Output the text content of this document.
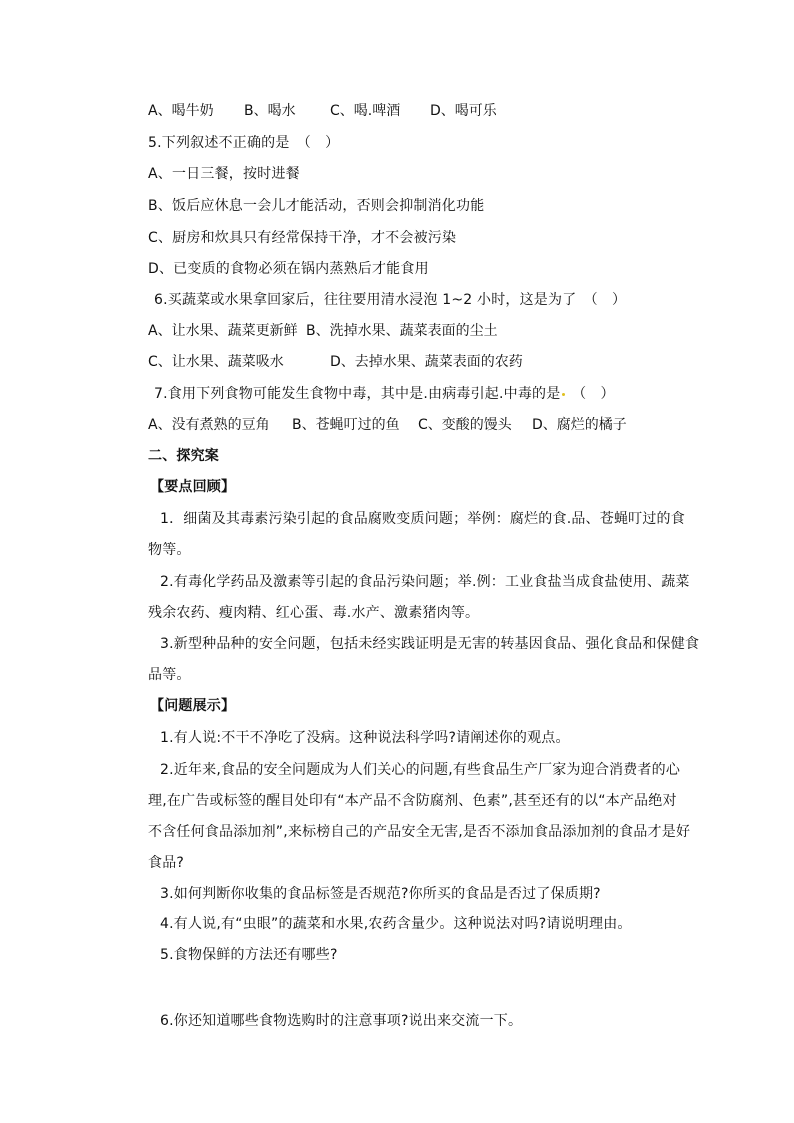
A、喝牛奶 B、喝水 C、喝.啤酒 D、喝可乐
5.下列叙述不正确的是　（　）
A、一日三餐，按时进餐
B、饭后应休息一会儿才能活动，否则会抑制消化功能
C、厨房和炊具只有经常保持干净，才不会被污染
D、已变质的食物必须在锅内蒸熟后才能食用
6.买蔬菜或水果拿回家后，往往要用清水浸泡 1~2 小时，这是为了　（　）
A、让水果、蔬菜更新鲜 B、洗掉水果、蔬菜表面的尘土
C、让水果、蔬菜吸水	D、去掉水果、蔬菜表面的农药
7.食用下列食物可能发生食物中毒，其中是.由病毒引起.中毒的是 （　）
A、没有煮熟的豆角 B、苍蝇叮过的鱼 C、变酸的馒头 D、腐烂的橘子
二、探究案
【要点回顾】
1．细菌及其毒素污染引起的食品腐败变质问题；举例：腐烂的食.品、苍蝇叮过的食
物等。
2.有毒化学药品及激素等引起的食品污染问题；举.例：工业食盐当成食盐使用、蔬菜
残余农药、瘦肉精、红心蛋、毒.水产、激素猪肉等。
3.新型种品种的安全问题，包括未经实践证明是无害的转基因食品、强化食品和保健食
品等。
【问题展示】
1.有人说:不干不净吃了没病。这种说法科学吗?请阐述你的观点。
2.近年来,食品的安全问题成为人们关心的问题,有些食品生产厂家为迎合消费者的心
理,在广告或标签的醒目处印有“本产品不含防腐剂、色素”,甚至还有的以“本产品绝对
不含任何食品添加剂”,来标榜自己的产品安全无害,是否不添加食品添加剂的食品才是好
食品?
3.如何判断你收集的食品标签是否规范?你所买的食品是否过了保质期?
4.有人说,有“虫眼”的蔬菜和水果,农药含量少。这种说法对吗?请说明理由。
5.食物保鲜的方法还有哪些?
6.你还知道哪些食物选购时的注意事项?说出来交流一下。
